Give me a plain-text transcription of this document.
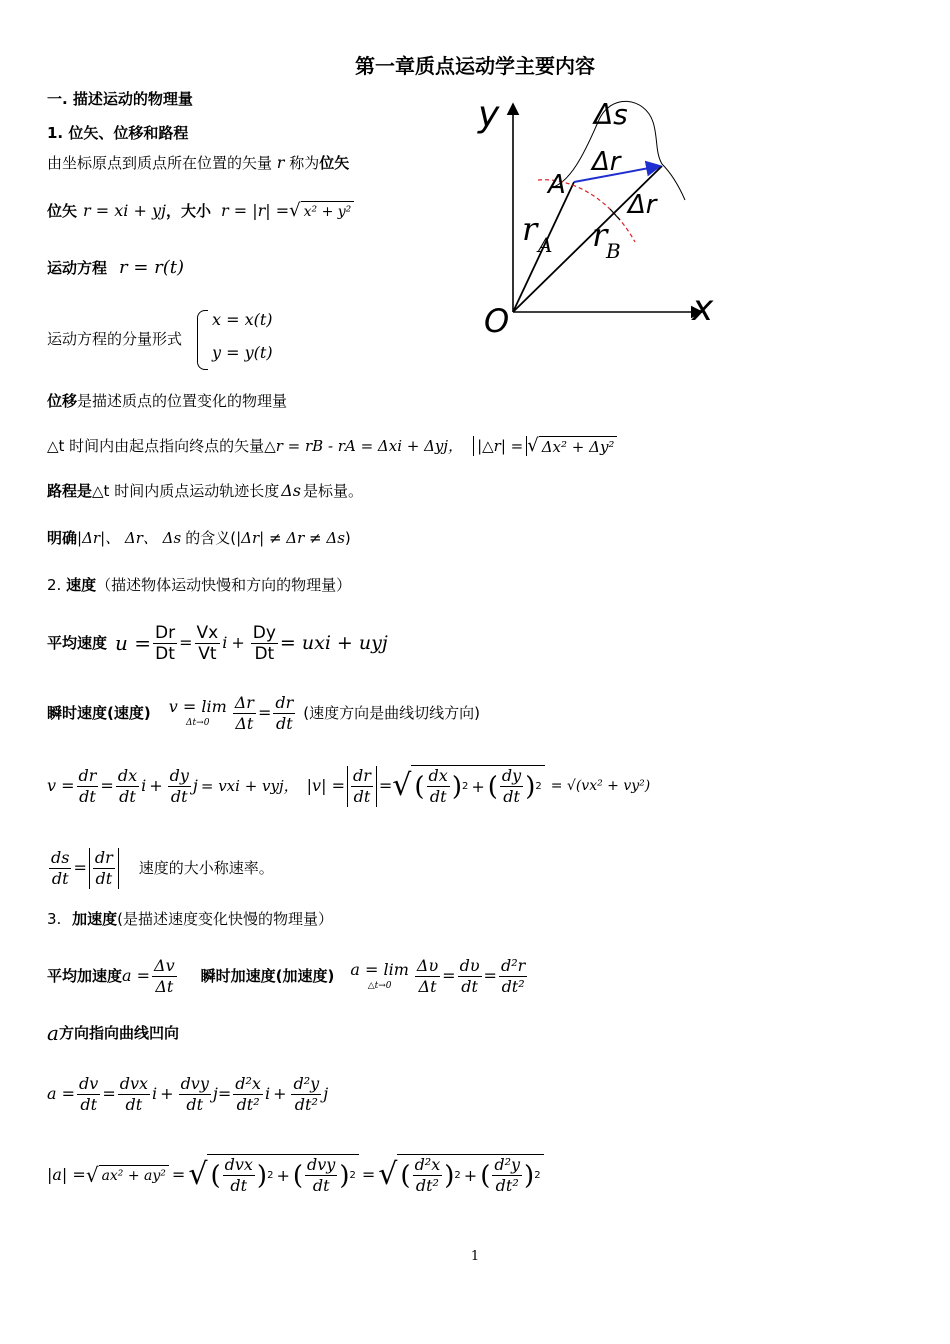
第一章质点运动学主要内容
一. 描述运动的物理量
1. 位矢、位移和路程
由坐标原点到质点所在位置的矢量 r 称为位矢
位矢 r = xi + yj ，大小 r = |r| = √ x² + y²
运动方程 r = r(t)
运动方程的分量形式
x = x(t)
y = y(t)
y
x
O
A
Δs
Δr
Δr
r A r
B
位移是描述质点的位置变化的物理量
△t 时间内由起点指向终点的矢量 △r = rB - rA = Δxi + Δyj， |△r| = √ Δx² + Δy²
路程是 △t 时间内质点运动轨迹长度 Δs 是标量。
明确 |Δr|、 Δr、 Δs 的含义( |Δr| ≠ Δr ≠ Δs )
2. 速度（描述物体运动快慢和方向的物理量）
平均速度 $u = \frac{Dr}{Dt} = \frac{Vx}{Vt}$ $i + \frac{Dy}{Dt}$ = uxi + uyj
瞬时速度(速度) v = lim
Δt→0	$\frac{\Delta r}{\Delta t} = \frac{dr}{dt}$ (速度方向是曲线切线方向)
$v = \frac{dr}{dt} = \frac{dx}{dt}$ $i + \frac{dy}{dt}$ j = vxi + vyj， $|v| = \frac{dr}{dt}$ = √ ( $\frac{dx}{dt}$ ) 2 + ( $\frac{dy}{dt}$ ) 2 = √(vx² + vy²)
$\frac{ds}{dt} = \frac{dr}{dt}$ 速度的大小称速率。
3. 加速度(是描述速度变化快慢的物理量）
平均加速度 $a = \frac{\Delta v}{\Delta t}$ 瞬时加速度(加速度) a = lim
△t→0	$\frac{\Delta\upsilon}{\Delta t} = \frac{d\upsilon}{dt} = \frac{\text{d²r}}{\text{dt²}}$
a 方向指向曲线凹向
$a = \frac{dv}{dt} = \frac{\text{dvx}}{dt}$ $i + \frac{\text{dvy}}{dt}$ $j = \frac{\text{d²x}}{\text{dt²}}$ $i + \frac{\text{d²y}}{\text{dt²}}$ j
|a| = √ ax² + ay² = √ ( $\frac{\text{dvx}}{dt}$ ) 2 + ( $\frac{\text{dvy}}{dt}$ ) 2 = √ ( $\frac{\text{d²x}}{\text{dt²}}$ ) 2 + ( $\frac{\text{d²y}}{\text{dt²}}$ ) 2
1
